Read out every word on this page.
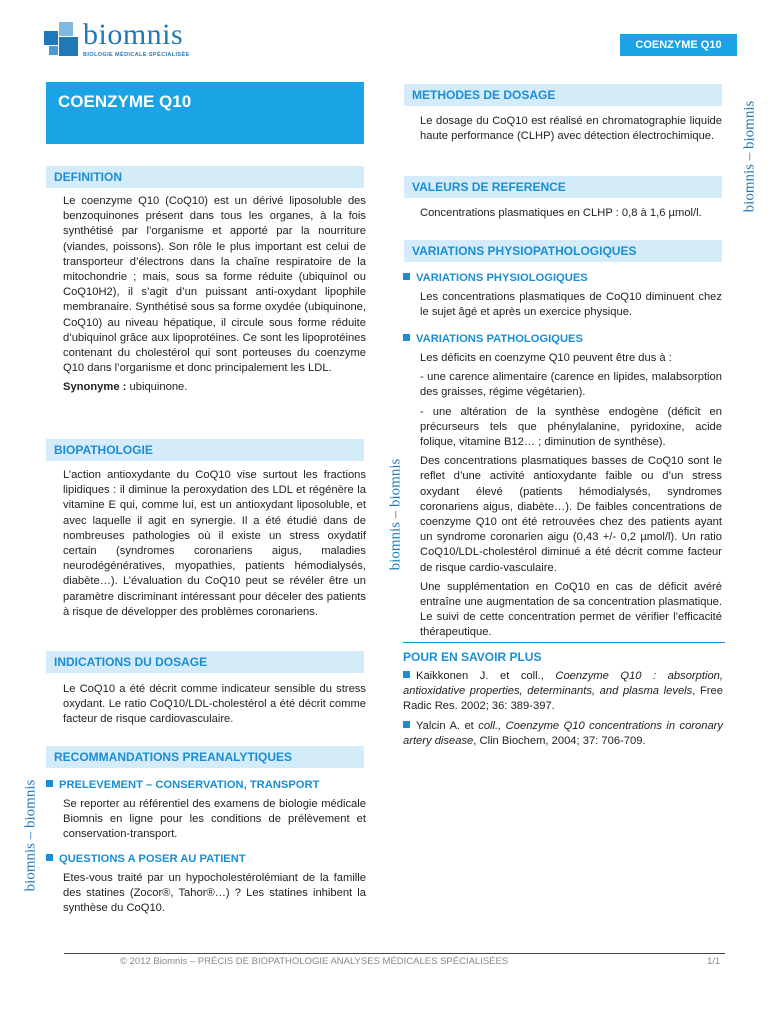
biomnis
BIOLOGIE MÉDICALE SPÉCIALISÉE
COENZYME Q10
biomnis – biomnis
biomnis – biomnis
biomnis – biomnis
COENZYME Q10
DEFINITION

Le coenzyme Q10 (CoQ10) est un dérivé liposoluble des benzoquinones présent dans tous les organes, à la fois synthétisé par l’organisme et apporté par la nourriture (viandes, poissons). Son rôle le plus important est celui de transporteur d’électrons dans la chaîne respiratoire de la mitochondrie ; mais, sous sa forme réduite (ubiquinol ou CoQ10H2), il s’agit d’un puissant anti-oxydant lipophile membranaire. Synthétisé sous sa forme oxydée (ubiquinone, CoQ10) au niveau hépatique, il circule sous forme réduite d’ubiquinol grâce aux lipoprotéines. Ce sont les lipoprotéines contenant du cholestérol qui sont porteuses du coenzyme Q10 dans l’organisme et donc principalement les LDL.

Synonyme : ubiquinone.

BIOPATHOLOGIE
L’action antioxydante du CoQ10 vise surtout les fractions lipidiques : il diminue la peroxydation des LDL et régénère la vitamine E qui, comme lui, est un antioxydant liposoluble, et avec laquelle il agit en synergie. Il a été étudié dans de nombreuses pathologies où il existe un stress oxydatif certain (syndromes coronariens aigus, maladies neurodégénératives, myopathies, patients hémodialysés, diabète…). L’évaluation du CoQ10 peut se révéler être un paramètre discriminant intéressant pour déceler des patients à risque de développer des problèmes coronariens.
INDICATIONS DU DOSAGE
Le CoQ10 a été décrit comme indicateur sensible du stress oxydant. Le ratio CoQ10/LDL-cholestérol a été décrit comme facteur de risque cardiovasculaire.
RECOMMANDATIONS PREANALYTIQUES
PRELEVEMENT – CONSERVATION, TRANSPORT
Se reporter au référentiel des examens de biologie médicale Biomnis en ligne pour les conditions de prélèvement et conservation-transport.
QUESTIONS A POSER AU PATIENT
Etes-vous traité par un hypocholestérolémiant de la famille des statines (Zocor®, Tahor®…) ? Les statines inhibent la synthèse du CoQ10.
METHODES DE DOSAGE
Le dosage du CoQ10 est réalisé en chromatographie liquide haute performance (CLHP) avec détection électrochimique.
VALEURS DE REFERENCE
Concentrations plasmatiques en CLHP : 0,8 à 1,6 µmol/l.
VARIATIONS PHYSIOPATHOLOGIQUES
VARIATIONS PHYSIOLOGIQUES
Les concentrations plasmatiques de CoQ10 diminuent chez le sujet âgé et après un exercice physique.
VARIATIONS PATHOLOGIQUES

Les déficits en coenzyme Q10 peuvent être dus à :

- une carence alimentaire (carence en lipides, malabsorption des graisses, régime végétarien).

- une altération de la synthèse endogène (déficit en précurseurs tels que phénylalanine, pyridoxine, acide folique, vitamine B12… ; diminution de synthèse).

Des concentrations plasmatiques basses de CoQ10 sont le reflet d’une activité antioxydante faible ou d’un stress oxydant élevé (patients hémodialysés, syndromes coronariens aigus, diabète…). De faibles concentrations de coenzyme Q10 ont été retrouvées chez des patients ayant un syndrome coronarien aigu (0,43 +/- 0,2 µmol/l). Un ratio CoQ10/LDL-cholestérol diminué a été décrit comme facteur de risque cardio-vasculaire.

Une supplémentation en CoQ10 en cas de déficit avéré entraîne une augmentation de sa concentration plasmatique. Le suivi de cette concentration permet de vérifier l’efficacité thérapeutique.

POUR EN SAVOIR PLUS

Kaikkonen J. et coll., Coenzyme Q10 : absorption, antioxidative properties, determinants, and plasma levels, Free Radic Res. 2002; 36: 389-397.

Yalcin A. et coll., Coenzyme Q10 concentrations in coronary artery disease, Clin Biochem, 2004; 37: 706-709.

© 2012 Biomnis – PRÉCIS DE BIOPATHOLOGIE ANALYSES MÉDICALES SPÉCIALISÉES	1/1
